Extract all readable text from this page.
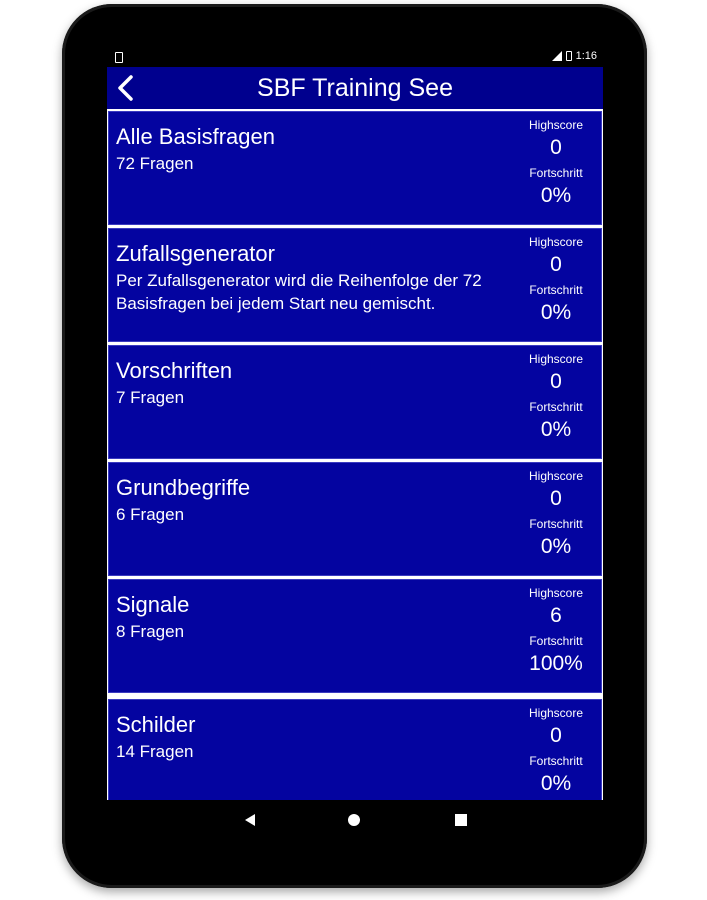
1:16
SBF Training See
Alle Basisfragen
72 Fragen
Highscore
0
Fortschritt
0%
Zufallsgenerator
Per Zufallsgenerator wird die Reihenfolge der 72 Basisfragen bei jedem Start neu gemischt.
Highscore
0
Fortschritt
0%
Vorschriften
7 Fragen
Highscore
0
Fortschritt
0%
Grundbegriffe
6 Fragen
Highscore
0
Fortschritt
0%
Signale
8 Fragen
Highscore
6
Fortschritt
100%
Schilder
14 Fragen
Highscore
0
Fortschritt
0%
